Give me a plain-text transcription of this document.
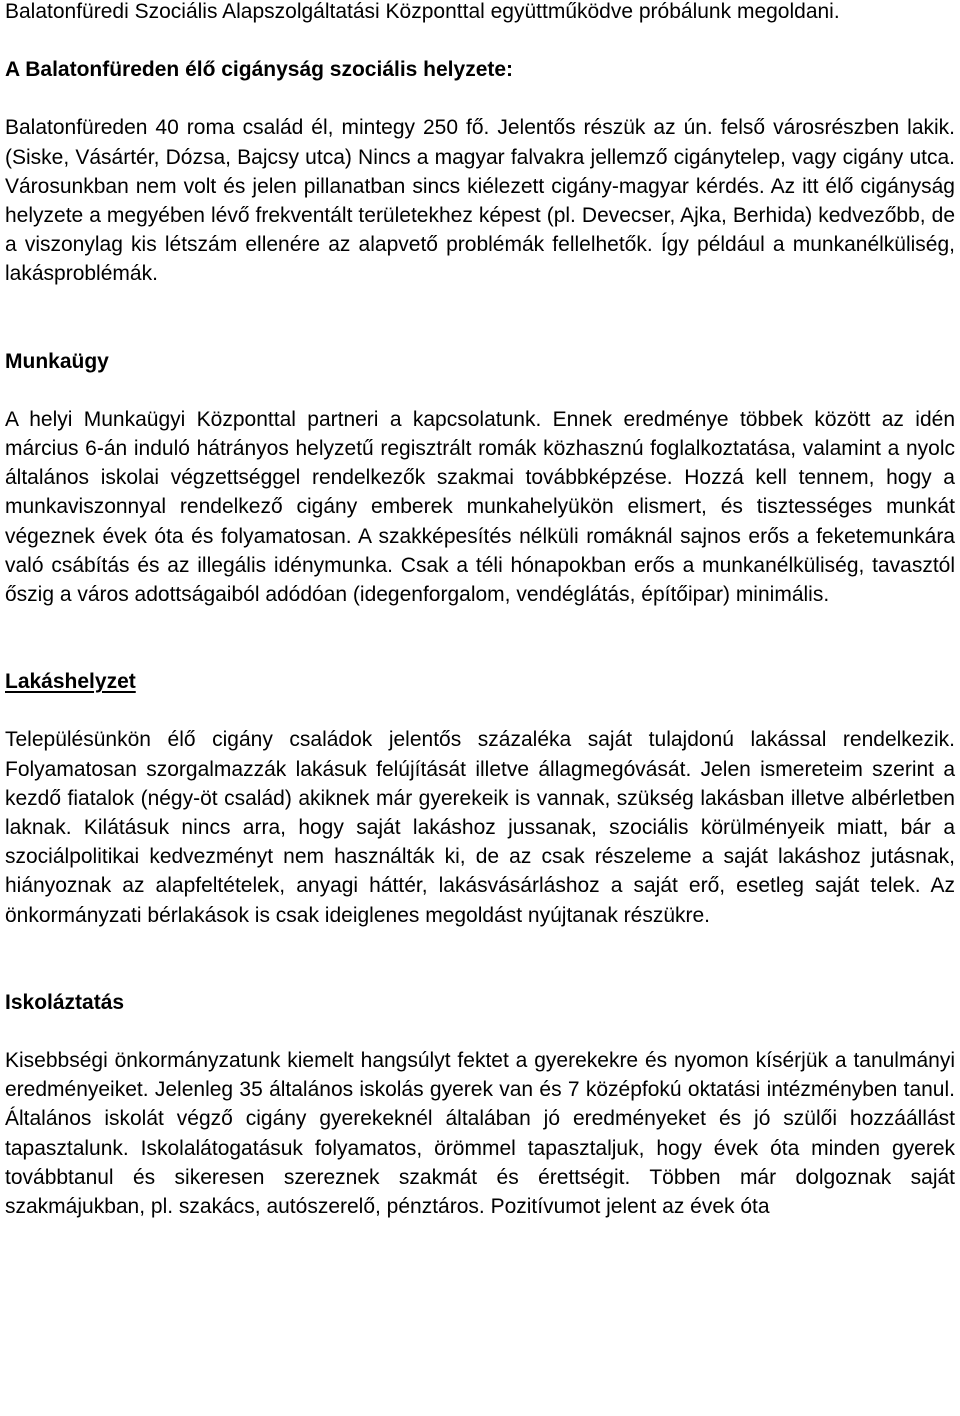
Balatonfüredi Szociális Alapszolgáltatási Központtal együttműködve próbálunk megoldani.

A Balatonfüreden élő cigányság szociális helyzete:

Balatonfüreden 40 roma család él, mintegy 250 fő. Jelentős részük az ún. felső városrészben lakik. (Siske, Vásártér, Dózsa, Bajcsy utca) Nincs a magyar falvakra jellemző cigánytelep, vagy cigány utca. Városunkban nem volt és jelen pillanatban sincs kiélezett cigány-magyar kérdés. Az itt élő cigányság helyzete a megyében lévő frekventált területekhez képest (pl. Devecser, Ajka, Berhida) kedvezőbb, de a viszonylag kis létszám ellenére az alapvető problémák fellelhetők. Így például a munkanélküliség, lakásproblémák.

Munkaügy

A helyi Munkaügyi Központtal partneri a kapcsolatunk. Ennek eredménye többek között az idén március 6-án induló hátrányos helyzetű regisztrált romák közhasznú foglalkoztatása, valamint a nyolc általános iskolai végzettséggel rendelkezők szakmai továbbképzése. Hozzá kell tennem, hogy a munkaviszonnyal rendelkező cigány emberek munkahelyükön elismert, és tisztességes munkát végeznek évek óta és folyamatosan. A szakképesítés nélküli romáknál sajnos erős a feketemunkára való csábítás és az illegális idénymunka. Csak a téli hónapokban erős a munkanélküliség, tavasztól őszig a város adottságaiból adódóan (idegenforgalom, vendéglátás, építőipar) minimális.

Lakáshelyzet

Településünkön élő cigány családok jelentős százaléka saját tulajdonú lakással rendelkezik. Folyamatosan szorgalmazzák lakásuk felújítását illetve állagmegóvását. Jelen ismereteim szerint a kezdő fiatalok (négy-öt család) akiknek már gyerekeik is vannak, szükség lakásban illetve albérletben laknak. Kilátásuk nincs arra, hogy saját lakáshoz jussanak, szociális körülményeik miatt, bár a szociálpolitikai kedvezményt nem használták ki, de az csak részeleme a saját lakáshoz jutásnak, hiányoznak az alapfeltételek, anyagi háttér, lakásvásárláshoz a saját erő, esetleg saját telek. Az önkormányzati bérlakások is csak ideiglenes megoldást nyújtanak részükre.

Iskoláztatás

Kisebbségi önkormányzatunk kiemelt hangsúlyt fektet a gyerekekre és nyomon kísérjük a tanulmányi eredményeiket. Jelenleg 35 általános iskolás gyerek van és 7 középfokú oktatási intézményben tanul. Általános iskolát végző cigány gyerekeknél általában jó eredményeket és jó szülői hozzáállást tapasztalunk. Iskolalátogatásuk folyamatos, örömmel tapasztaljuk, hogy évek óta minden gyerek továbbtanul és sikeresen szereznek szakmát és érettségit. Többen már dolgoznak saját szakmájukban, pl. szakács, autószerelő, pénztáros. Pozitívumot jelent az évek óta
